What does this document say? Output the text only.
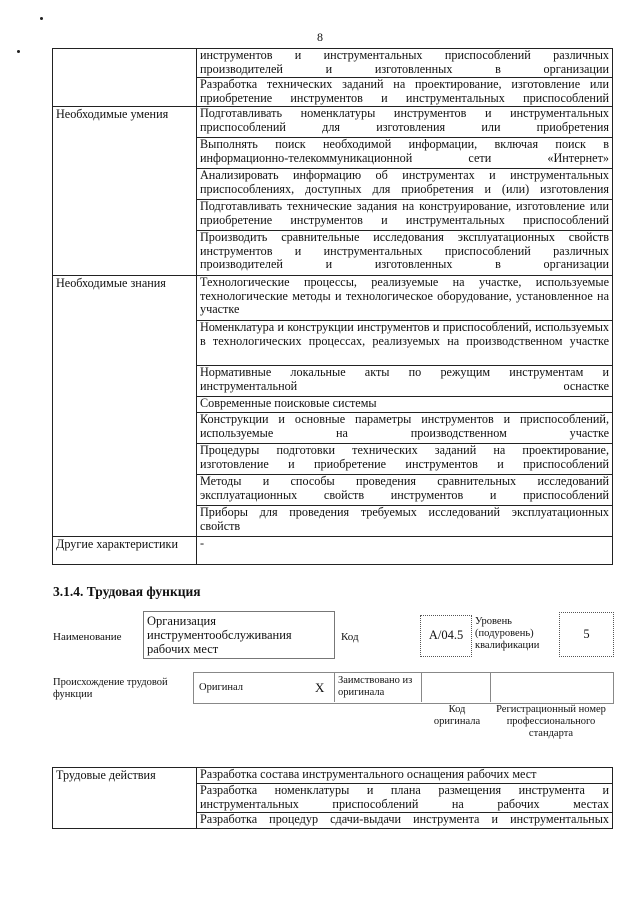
8
	инструментов и инструментальных приспособлений различных производителей и изготовленных в организации
	Разработка технических заданий на проектирование, изготовление или приобретение инструментов и инструментальных приспособлений
Необходимые умения	Подготавливать номенклатуры инструментов и инструментальных приспособлений для изготовления или приобретения
	Выполнять поиск необходимой информации, включая поиск в информационно-телекоммуникационной сети «Интернет»
	Анализировать информацию об инструментах и инструментальных приспособлениях, доступных для приобретения и (или) изготовления
	Подготавливать технические задания на конструирование, изготовление или приобретение инструментов и инструментальных приспособлений
	Производить сравнительные исследования эксплуатационных свойств инструментов и инструментальных приспособлений различных производителей и изготовленных в организации
Необходимые знания	Технологические процессы, реализуемые на участке, используемые технологические методы и технологическое оборудование, установленное на участке
	Номенклатура и конструкции инструментов и приспособлений, используемых в технологических процессах, реализуемых на производственном участке
	Нормативные локальные акты по режущим инструментам и инструментальной оснастке
	Современные поисковые системы
	Конструкции и основные параметры инструментов и приспособлений, используемые на производственном участке
	Процедуры подготовки технических заданий на проектирование, изготовление и приобретение инструментов и приспособлений
	Методы и способы проведения сравнительных исследований эксплуатационных свойств инструментов и приспособлений
	Приборы для проведения требуемых исследований эксплуатационных свойств
Другие характеристики	-
3.1.4. Трудовая функция
Наименование
Организация инструментообслуживания рабочих мест
Код	A/04.5
Уровень (подуровень) квалификации
5
Происхождение трудовой функции
Оригинал	X Заимствовано из оригинала
Код оригинала
Регистрационный номер профессионального стандарта
Трудовые действия	Разработка состава инструментального оснащения рабочих мест
Разработка номенклатуры и плана размещения инструмента и инструментальных приспособлений на рабочих местах
Разработка процедур сдачи-выдачи инструмента и инструментальных
